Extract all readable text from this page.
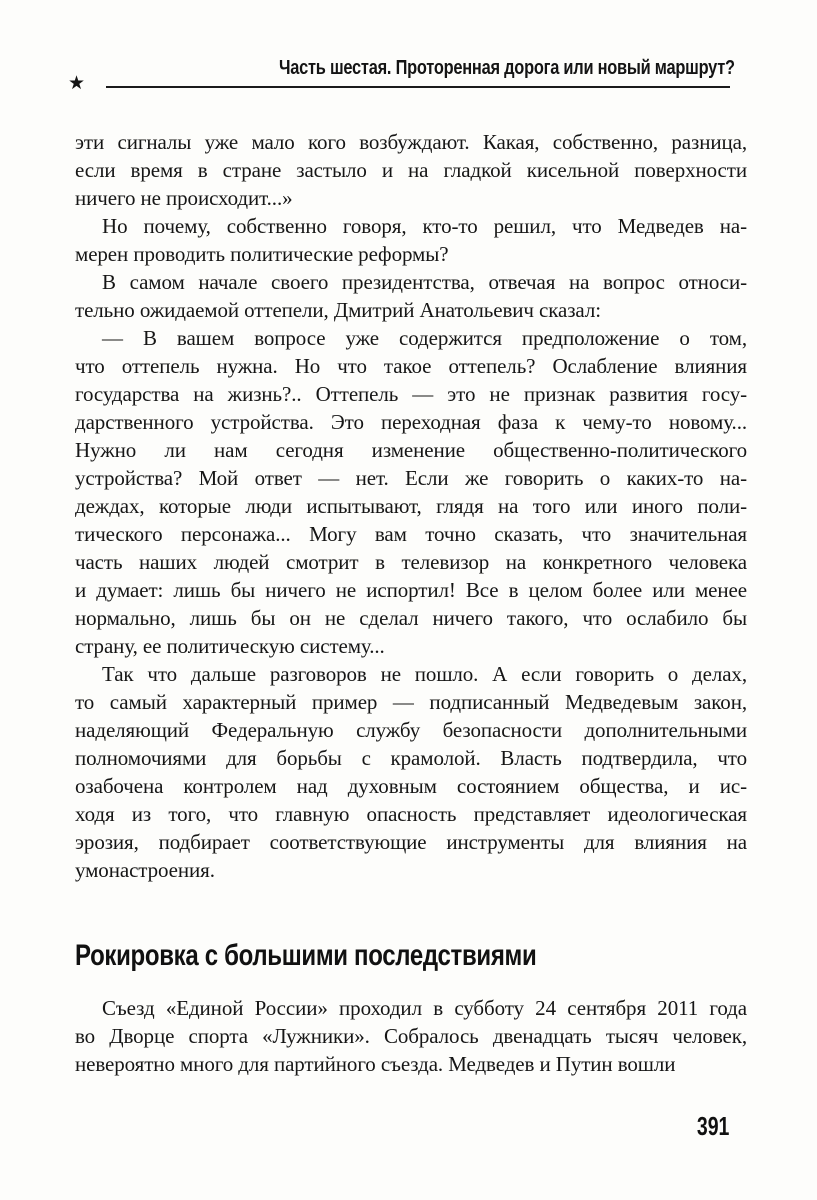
★
Часть шестая. Проторенная дорога или новый маршрут?
эти сигналы уже мало кого возбуждают. Какая, собственно, разница,
если время в стране застыло и на гладкой кисельной поверхности
ничего не происходит...»
Но почему, собственно говоря, кто-то решил, что Медведев на-
мерен проводить политические реформы?
В самом начале своего президентства, отвечая на вопрос относи-
тельно ожидаемой оттепели, Дмитрий Анатольевич сказал:
— В вашем вопросе уже содержится предположение о том,
что оттепель нужна. Но что такое оттепель? Ослабление влияния
государства на жизнь?.. Оттепель — это не признак развития госу-
дарственного устройства. Это переходная фаза к чему-то новому...
Нужно ли нам сегодня изменение общественно-политического
устройства? Мой ответ — нет. Если же говорить о каких-то на-
деждах, которые люди испытывают, глядя на того или иного поли-
тического персонажа... Могу вам точно сказать, что значительная
часть наших людей смотрит в телевизор на конкретного человека
и думает: лишь бы ничего не испортил! Все в целом более или менее
нормально, лишь бы он не сделал ничего такого, что ослабило бы
страну, ее политическую систему...
Так что дальше разговоров не пошло. А если говорить о делах,
то самый характерный пример — подписанный Медведевым закон,
наделяющий Федеральную службу безопасности дополнительными
полномочиями для борьбы с крамолой. Власть подтвердила, что
озабочена контролем над духовным состоянием общества, и ис-
ходя из того, что главную опасность представляет идеологическая
эрозия, подбирает соответствующие инструменты для влияния на
умонастроения.
Рокировка с большими последствиями
Съезд «Единой России» проходил в субботу 24 сентября 2011 года
во Дворце спорта «Лужники». Собралось двенадцать тысяч человек,
невероятно много для партийного съезда. Медведев и Путин вошли
391
